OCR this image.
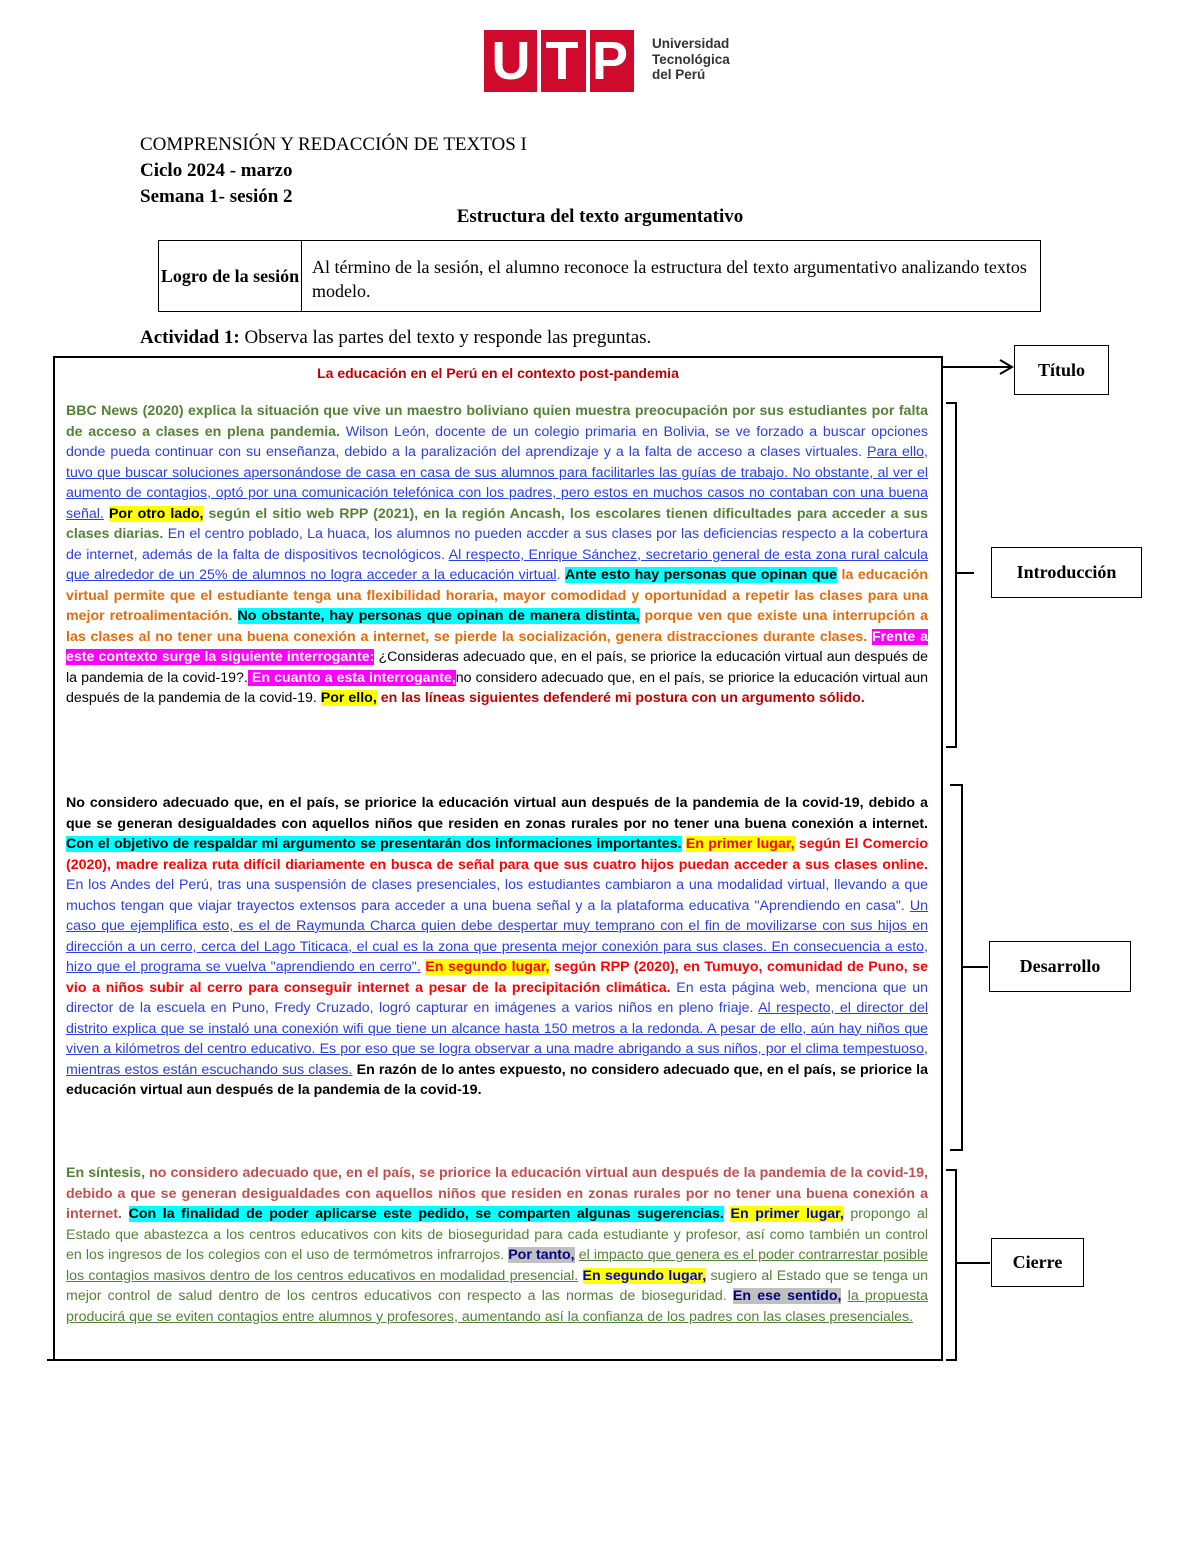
U T P Universidad
Tecnológica
del Perú
COMPRENSIÓN Y REDACCIÓN DE TEXTOS I
Ciclo 2024 - marzo
Semana 1- sesión 2
Estructura del texto argumentativo
Logro de la sesión Al término de la sesión, el alumno reconoce la estructura del texto argumentativo analizando textos modelo.
Actividad 1: Observa las partes del texto y responde las preguntas.
La educación en el Perú en el contexto post-pandemia
BBC News (2020) explica la situación que vive un maestro boliviano quien muestra preocupación por sus estudiantes por falta de acceso a clases en plena pandemia. Wilson León, docente de un colegio primaria en Bolivia, se ve forzado a buscar opciones donde pueda continuar con su enseñanza, debido a la paralización del aprendizaje y a la falta de acceso a clases virtuales. Para ello, tuvo que buscar soluciones apersonándose de casa en casa de sus alumnos para facilitarles las guías de trabajo. No obstante, al ver el aumento de contagios, optó por una comunicación telefónica con los padres, pero estos en muchos casos no contaban con una buena señal. Por otro lado, según el sitio web RPP (2021), en la región Ancash, los escolares tienen dificultades para acceder a sus clases diarias. En el centro poblado, La huaca, los alumnos no pueden accder a sus clases por las deficiencias respecto a la cobertura de internet, además de la falta de dispositivos tecnológicos. Al respecto, Enrique Sánchez, secretario general de esta zona rural calcula que alrededor de un 25% de alumnos no logra acceder a la educación virtual. Ante esto hay personas que opinan que la educación virtual permite que el estudiante tenga una flexibilidad horaria, mayor comodidad y oportunidad a repetir las clases para una mejor retroalimentación. No obstante, hay personas que opinan de manera distinta, porque ven que existe una interrupción a las clases al no tener una buena conexión a internet, se pierde la socialización, genera distracciones durante clases. Frente a este contexto surge la siguiente interrogante: ¿Consideras adecuado que, en el país, se priorice la educación virtual aun después de la pandemia de la covid-19?. En cuanto a esta interrogante,no considero adecuado que, en el país, se priorice la educación virtual aun después de la pandemia de la covid-19. Por ello, en las líneas siguientes defenderé mi postura con un argumento sólido.
No considero adecuado que, en el país, se priorice la educación virtual aun después de la pandemia de la covid-19, debido a que se generan desigualdades con aquellos niños que residen en zonas rurales por no tener una buena conexión a internet. Con el objetivo de respaldar mi argumento se presentarán dos informaciones importantes. En primer lugar, según El Comercio (2020), madre realiza ruta difícil diariamente en busca de señal para que sus cuatro hijos puedan acceder a sus clases online. En los Andes del Perú, tras una suspensión de clases presenciales, los estudiantes cambiaron a una modalidad virtual, llevando a que muchos tengan que viajar trayectos extensos para acceder a una buena señal y a la plataforma educativa "Aprendiendo en casa". Un caso que ejemplifica esto, es el de Raymunda Charca quien debe despertar muy temprano con el fin de movilizarse con sus hijos en dirección a un cerro, cerca del Lago Titicaca, el cual es la zona que presenta mejor conexión para sus clases. En consecuencia a esto, hizo que el programa se vuelva "aprendiendo en cerro". En segundo lugar, según RPP (2020), en Tumuyo, comunidad de Puno, se vio a niños subir al cerro para conseguir internet a pesar de la precipitación climática. En esta página web, menciona que un director de la escuela en Puno, Fredy Cruzado, logró capturar en imágenes a varios niños en pleno friaje. Al respecto, el director del distrito explica que se instaló una conexión wifi que tiene un alcance hasta 150 metros a la redonda. A pesar de ello, aún hay niños que viven a kilómetros del centro educativo. Es por eso que se logra observar a una madre abrigando a sus niños, por el clima tempestuoso, mientras estos están escuchando sus clases. En razón de lo antes expuesto, no considero adecuado que, en el país, se priorice la educación virtual aun después de la pandemia de la covid-19.
En síntesis, no considero adecuado que, en el país, se priorice la educación virtual aun después de la pandemia de la covid-19, debido a que se generan desigualdades con aquellos niños que residen en zonas rurales por no tener una buena conexión a internet. Con la finalidad de poder aplicarse este pedido, se comparten algunas sugerencias. En primer lugar, propongo al Estado que abastezca a los centros educativos con kits de bioseguridad para cada estudiante y profesor, así como también un control en los ingresos de los colegios con el uso de termómetros infrarrojos. Por tanto, el impacto que genera es el poder contrarrestar posible los contagios masivos dentro de los centros educativos en modalidad presencial. En segundo lugar, sugiero al Estado que se tenga un mejor control de salud dentro de los centros educativos con respecto a las normas de bioseguridad. En ese sentido, la propuesta producirá que se eviten contagios entre alumnos y profesores, aumentando así la confianza de los padres con las clases presenciales.
Título
Introducción
Desarrollo
Cierre
